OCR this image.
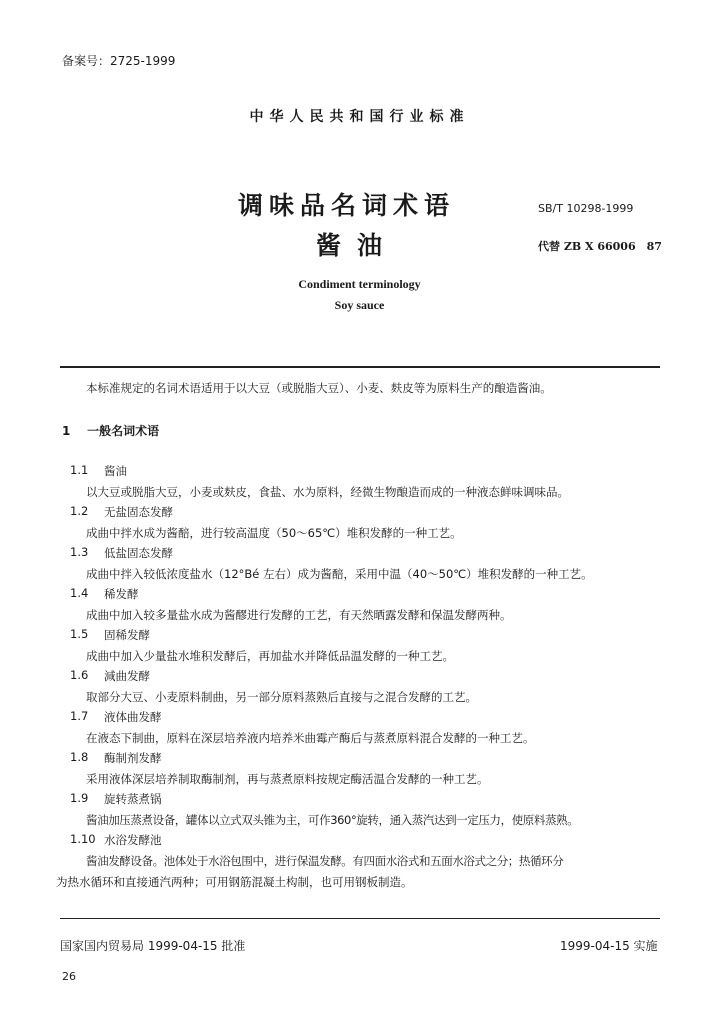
备案号：2725-1999
中华人民共和国行业标准
调味品名词术语
酱油
SB/T 10298-1999
代替 ZB X 66006　87
Condiment terminology
Soy sauce
本标准规定的名词术语适用于以大豆（或脱脂大豆）、小麦、麸皮等为原料生产的酿造酱油。
1 一般名词术语
1.1 酱油
以大豆或脱脂大豆，小麦或麸皮，食盐、水为原料，经微生物酿造而成的一种液态鲜味调味品。
1.2 无盐固态发酵
成曲中拌水成为酱醅，进行较高温度（50～65℃）堆积发酵的一种工艺。
1.3 低盐固态发酵
成曲中拌入较低浓度盐水（12°Bé 左右）成为酱醅，采用中温（40～50℃）堆积发酵的一种工艺。
1.4 稀发酵
成曲中加入较多量盐水成为酱醪进行发酵的工艺，有天然晒露发酵和保温发酵两种。
1.5 固稀发酵
成曲中加入少量盐水堆积发酵后，再加盐水并降低品温发酵的一种工艺。
1.6 減曲发酵
取部分大豆、小麦原料制曲，另一部分原料蒸熟后直接与之混合发酵的工艺。
1.7 液体曲发酵
在液态下制曲，原料在深层培养液内培养米曲霉产酶后与蒸煮原料混合发酵的一种工艺。
1.8 酶制剂发酵
采用液体深层培养制取酶制剂，再与蒸煮原料按规定酶活温合发酵的一种工艺。
1.9 旋转蒸煮锅
酱油加压蒸煮设备，罐体以立式双头锥为主，可作360°旋转，通入蒸汽达到一定压力，使原料蒸熟。
1.10 水浴发酵池
酱油发酵设备。池体处于水浴包围中，进行保温发酵。有四面水浴式和五面水浴式之分；热循环分
为热水循环和直接通汽两种；可用钢筋混凝土构制，也可用钢板制造。
国家国内贸易局 1999-04-15 批准	1999-04-15 实施
26
